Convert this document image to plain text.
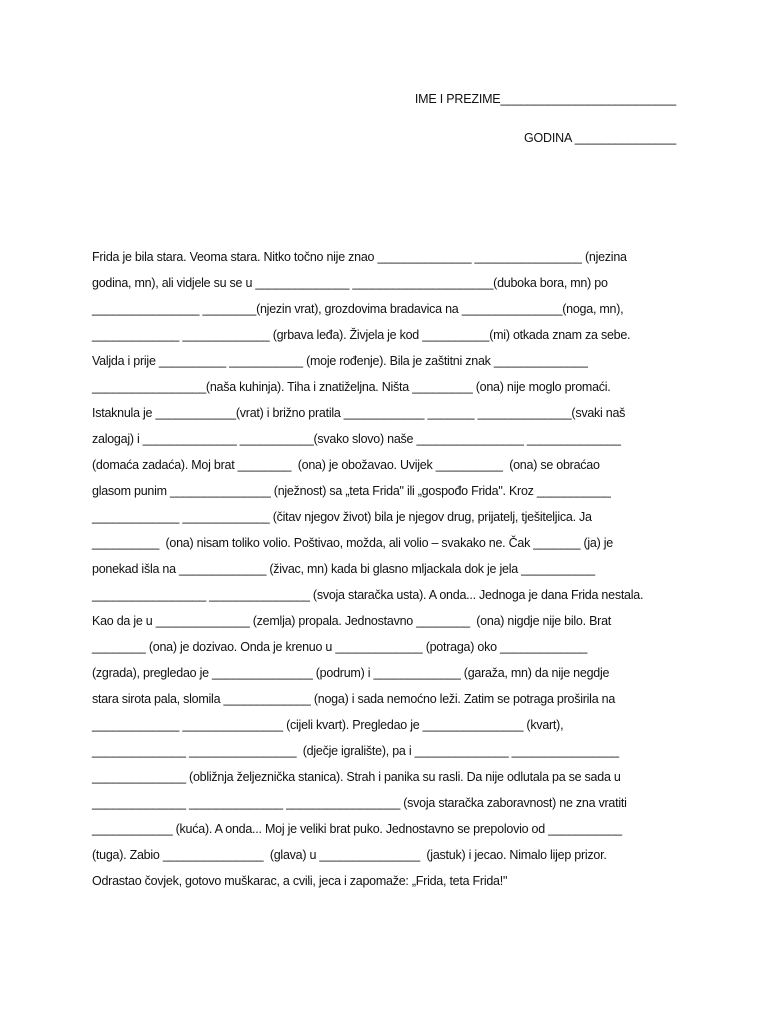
IME I PREZIME__________________________
GODINA _______________
Frida je bila stara. Veoma stara. Nitko točno nije znao ______________ ________________ (njezina
godina, mn), ali vidjele su se u ______________ _____________________(duboka bora, mn) po
________________ ________(njezin vrat), grozdovima bradavica na _______________(noga, mn),
_____________ _____________ (grbava leđa). Živjela je kod __________(mi) otkada znam za sebe.
Valjda i prije __________ ___________ (moje rođenje). Bila je zaštitni znak ______________
_________________(naša kuhinja). Tiha i znatiželjna. Ništa _________ (ona) nije moglo promaći.
Istaknula je ____________(vrat) i brižno pratila ____________ _______ ______________(svaki naš
zalogaj) i ______________ ___________(svako slovo) naše ________________ ______________
(domaća zadaća). Moj brat ________  (ona) je obožavao. Uvijek __________  (ona) se obraćao
glasom punim _______________ (nježnost) sa „teta Frida" ili „gospođo Frida". Kroz ___________
_____________ _____________ (čitav njegov život) bila je njegov drug, prijatelj, tješiteljica. Ja
__________  (ona) nisam toliko volio. Poštivao, možda, ali volio – svakako ne. Čak _______ (ja) je
ponekad išla na _____________ (živac, mn) kada bi glasno mljackala dok je jela ___________
_________________ _______________ (svoja staračka usta). A onda... Jednoga je dana Frida nestala.
Kao da je u ______________ (zemlja) propala. Jednostavno ________  (ona) nigdje nije bilo. Brat
________ (ona) je dozivao. Onda je krenuo u _____________ (potraga) oko _____________
(zgrada), pregledao je _______________ (podrum) i _____________ (garaža, mn) da nije negdje
stara sirota pala, slomila _____________ (noga) i sada nemoćno leži. Zatim se potraga proširila na
_____________ _______________ (cijeli kvart). Pregledao je _______________ (kvart),
______________ ________________  (dječje igralište), pa i ______________ ________________
______________ (obližnja željeznička stanica). Strah i panika su rasli. Da nije odlutala pa se sada u
______________ ______________ _________________ (svoja staračka zaboravnost) ne zna vratiti
____________ (kuća). A onda... Moj je veliki brat puko. Jednostavno se prepolovio od ___________
(tuga). Zabio _______________  (glava) u _______________  (jastuk) i jecao. Nimalo lijep prizor.
Odrastao čovjek, gotovo muškarac, a cvili, jeca i zapomaže: „Frida, teta Frida!"
